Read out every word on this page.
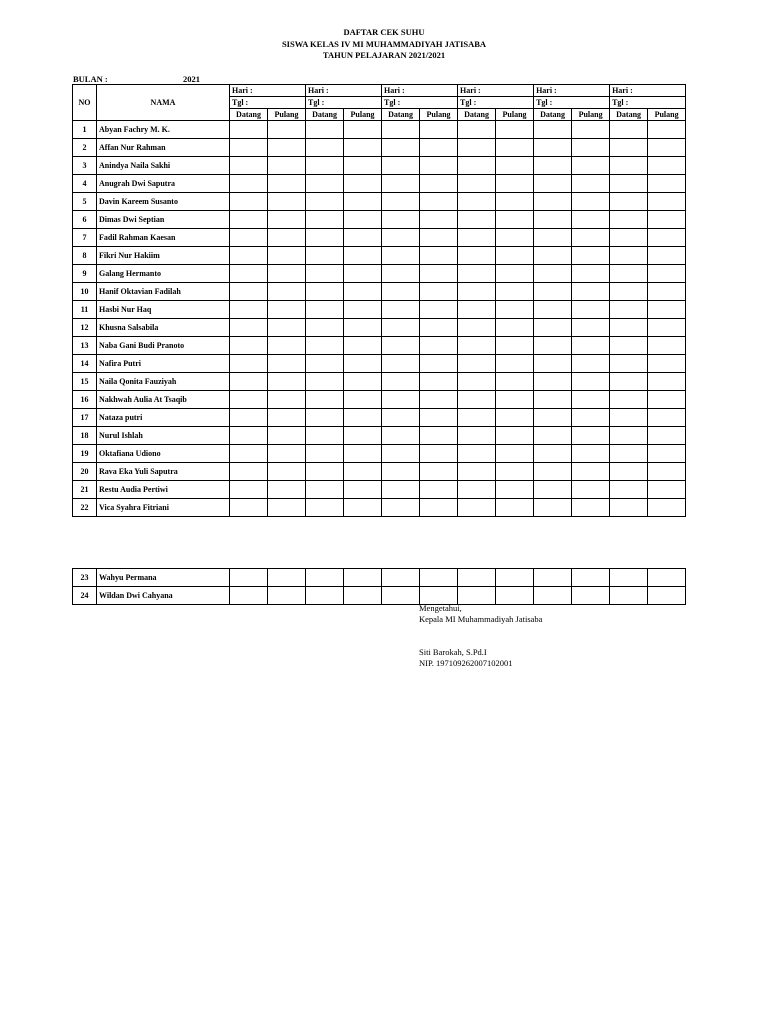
DAFTAR CEK SUHU
SISWA KELAS IV MI MUHAMMADIYAH JATISABA
TAHUN PELAJARAN 2021/2021
BULAN :	2021
NO	NAMA	Hari :		Hari :		Hari :		Hari :		Hari :		Hari :	
		Tgl :		Tgl :		Tgl :		Tgl :		Tgl :		Tgl :	
		Datang	Pulang	Datang	Pulang	Datang	Pulang	Datang	Pulang	Datang	Pulang	Datang	Pulang
1	Abyan Fachry M. K.												
2	Affan Nur Rahman												
3	Anindya Naila Sakhi												
4	Anugrah Dwi Saputra												
5	Davin Kareem Susanto												
6	Dimas Dwi Septian												
7	Fadil Rahman Kaesan												
8	Fikri Nur Hakiim												
9	Galang Hermanto												
10	Hanif Oktavian Fadilah												
11	Hasbi Nur Haq												
12	Khusna Salsabila												
13	Naba Gani Budi Pranoto												
14	Nafira Putri												
15	Naila Qonita Fauziyah												
16	Nakhwah Aulia At Tsaqib												
17	Nataza putri												
18	Nurul Ishlah												
19	Oktafiana Udiono												
20	Rava Eka Yuli Saputra												
21	Restu Audia Pertiwi												
22	Vica Syahra Fitriani												
23	Wahyu Permana												
24	Wildan Dwi Cahyana												
Mengetahui,
Kepala MI Muhammadiyah Jatisaba
Siti Barokah, S.Pd.I
NIP. 197109262007102001
